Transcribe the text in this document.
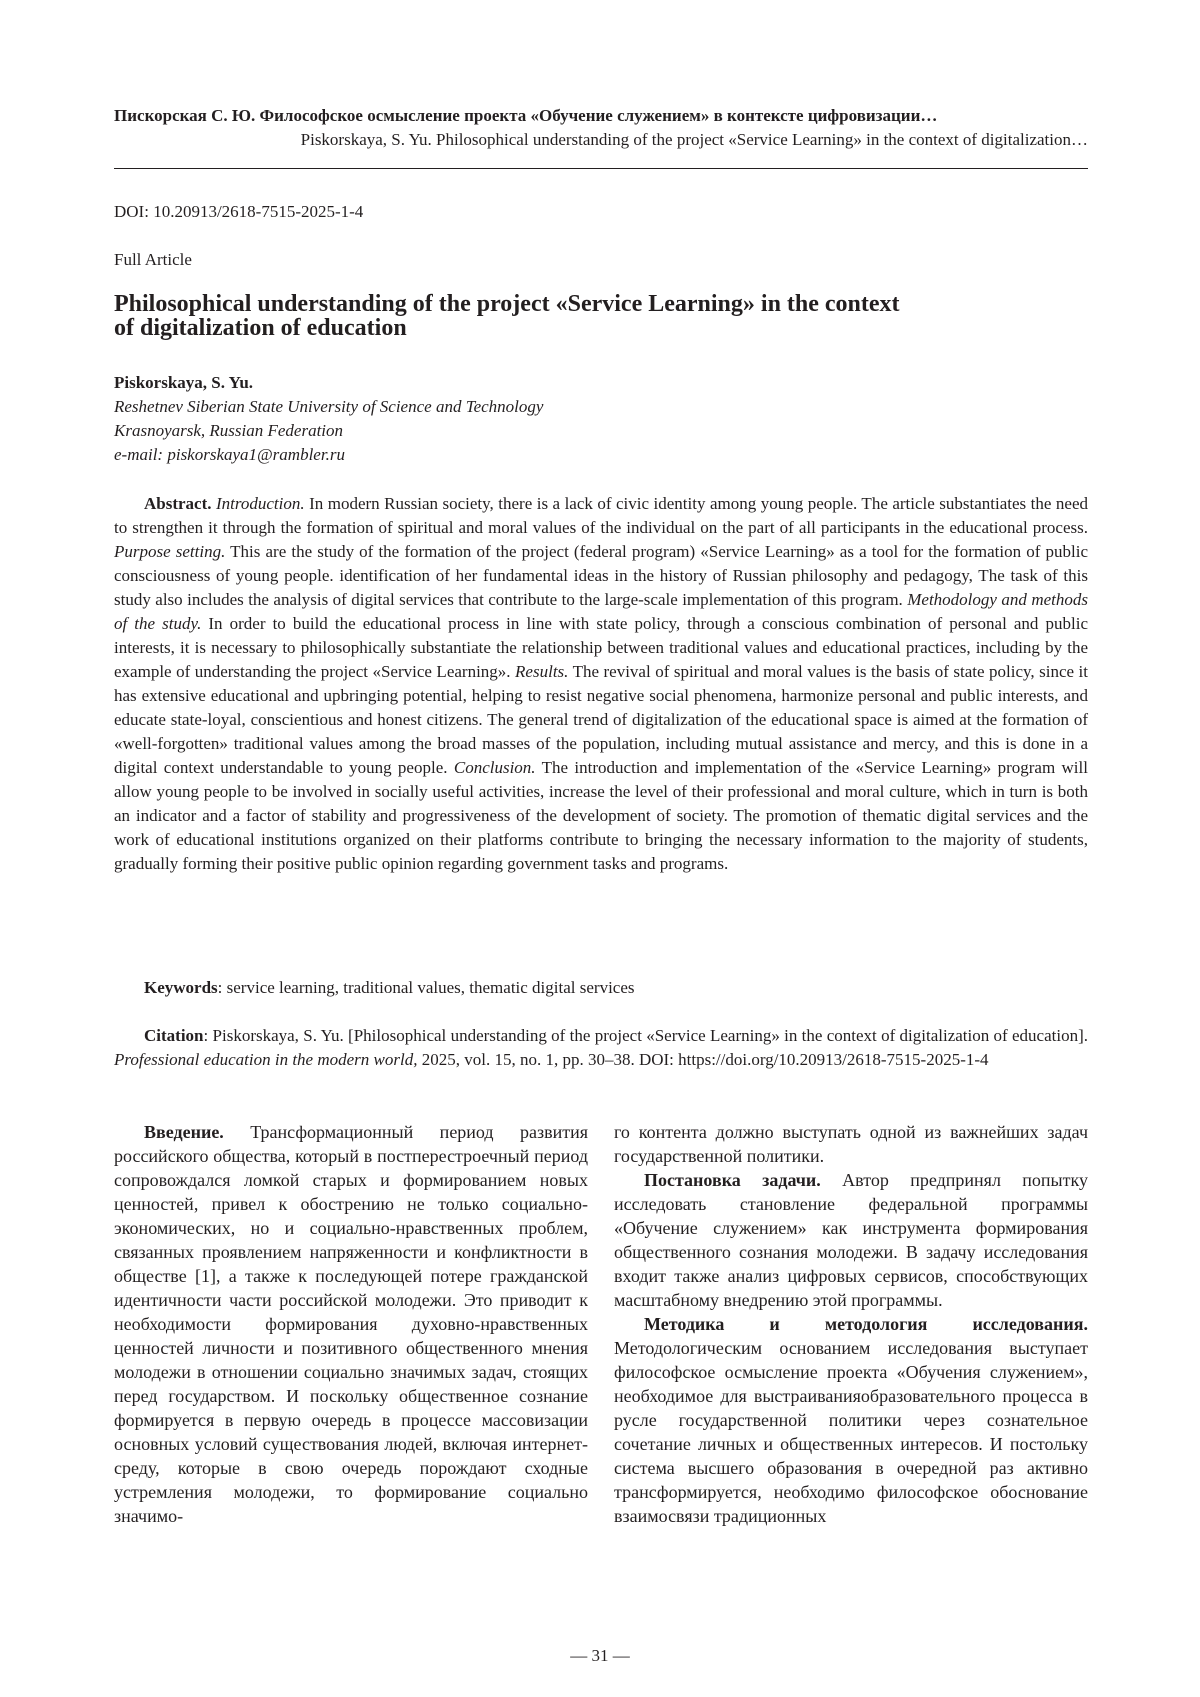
Пискорская С. Ю. Философское осмысление проекта «Обучение служением» в контексте цифровизации…
Piskorskaya, S. Yu. Philosophical understanding of the project «Service Learning» in the context of digitalization…
DOI: 10.20913/2618-7515-2025-1-4
Full Article
Philosophical understanding of the project «Service Learning» in the context
of digitalization of education
Piskorskaya, S. Yu.
Reshetnev Siberian State University of Science and Technology
Krasnoyarsk, Russian Federation
e-mail: piskorskaya1@rambler.ru

Abstract. Introduction. In modern Russian society, there is a lack of civic identity among young people. The article substantiates the need to strengthen it through the formation of spiritual and moral values of the individual on the part of all participants in the educational process. Purpose setting. This are the study of the formation of the project (federal program) «Service Learning» as a tool for the formation of public consciousness of young people. identification of her fundamental ideas in the history of Russian philosophy and pedagogy, The task of this study also includes the analysis of digital services that contribute to the large-scale implementation of this program. Methodology and methods of the study. In order to build the educational process in line with state policy, through a conscious combination of personal and public interests, it is necessary to philosophically substantiate the relationship between traditional values and educational practices, including by the example of understanding the project «Service Learning». Results. The revival of spiritual and moral values is the basis of state policy, since it has extensive educational and upbringing potential, helping to resist negative social phenomena, harmonize personal and public interests, and educate state-loyal, conscientious and honest citizens. The general trend of digitalization of the educational space is aimed at the formation of «well-forgotten» traditional values among the broad masses of the population, including mutual assistance and mercy, and this is done in a digital context understandable to young people. Conclusion. The introduction and implementation of the «Service Learning» program will allow young people to be involved in socially useful activities, increase the level of their professional and moral culture, which in turn is both an indicator and a factor of stability and progressiveness of the development of society. The promotion of thematic digital services and the work of educational institutions organized on their platforms contribute to bringing the necessary information to the majority of students, gradually forming their positive public opinion regarding government tasks and programs.

Keywords: service learning, traditional values, thematic digital services

Citation: Piskorskaya, S. Yu. [Philosophical understanding of the project «Service Learning» in the context of digitalization of education]. Professional education in the modern world, 2025, vol. 15, no. 1, pp. 30–38. DOI: https://doi.org/10.20913/2618-7515-2025-1-4

Введение. Трансформационный период развития российского общества, который в постперестроечный период сопровождался ломкой старых и формированием новых ценностей, привел к обострению не только социально-экономических, но и социально-нравственных проблем, связанных проявлением напряженности и конфликтности в обществе [1], а также к последующей потере гражданской идентичности части российской молодежи. Это приводит к необходимости формирования духовно-нравственных ценностей личности и позитивного общественного мнения молодежи в отношении социально значимых задач, стоящих перед государством. И поскольку общественное сознание формируется в первую очередь в процессе массовизации основных условий существования людей, включая интернет-среду, которые в свою очередь порождают сходные устремления молодежи, то формирование социально значимо-

го контента должно выступать одной из важнейших задач государственной политики.

Постановка задачи. Автор предпринял попытку исследовать становление федеральной программы «Обучение служением» как инструмента формирования общественного сознания молодежи. В задачу исследования входит также анализ цифровых сервисов, способствующих масштабному внедрению этой программы.

Методика и методология исследования. Методологическим основанием исследования выступает философское осмысление проекта «Обучения служением», необходимое для выстраиванияобразовательного процесса в русле государственной политики через сознательное сочетание личных и общественных интересов. И постольку система высшего образования в очередной раз активно трансформируется, необходимо философское обоснование взаимосвязи традиционных

— 31 —
